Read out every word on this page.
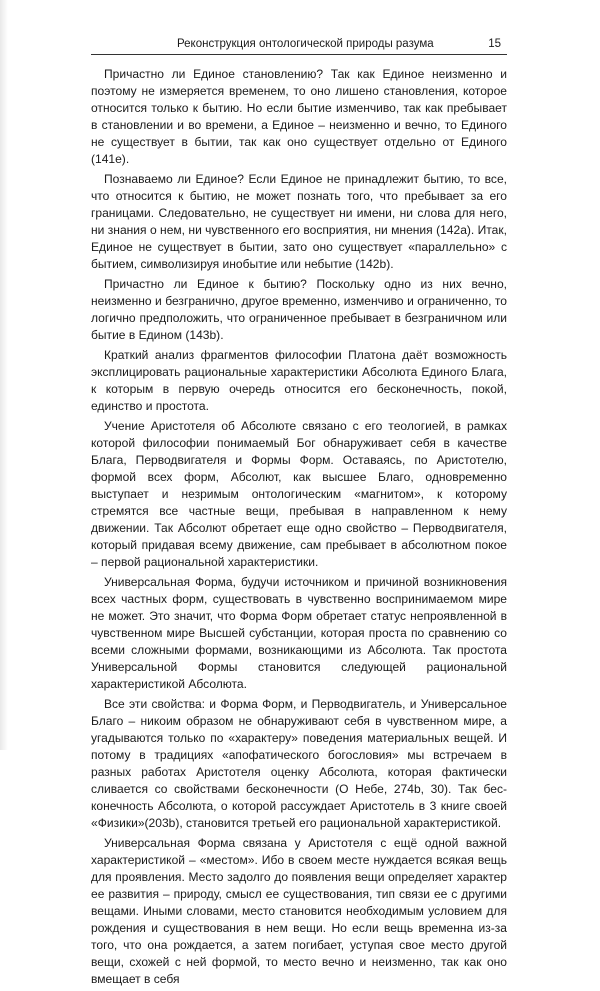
Реконструкция онтологической природы разума	15

Причастно ли Единое становлению? Так как Единое неизменно и поэтому не измеряется временем, то оно лишено становления, которое относится только к бытию. Но если бытие изменчиво, так как пребывает в становлении и во времени, а Единое – неизменно и вечно, то Единого не существует в бытии, так как оно существует отдельно от Единого (141e).

Познаваемо ли Единое? Если Единое не принадлежит бытию, то все, что относится к бытию, не может познать того, что пребывает за его границами. Следовательно, не существует ни имени, ни слова для него, ни знания о нем, ни чувственного его восприятия, ни мнения (142a). Итак, Единое не существует в бытии, зато оно существует «параллельно» с бытием, символизируя инобытие или небытие (142b).

Причастно ли Единое к бытию? Поскольку одно из них вечно, неизменно и безгранично, другое временно, изменчиво и ограниченно, то логично предположить, что ограниченное пребывает в безграничном или бытие в Едином (143b).

Краткий анализ фрагментов философии Платона даёт возможность эксплицировать рациональные характеристики Абсолюта Единого Блага, к которым в первую очередь относится его бесконечность, покой, единство и простота.

Учение Аристотеля об Абсолюте связано с его теологией, в рамках которой философии понимаемый Бог обнаруживает себя в качестве Блага, Перводвигателя и Формы Форм. Оставаясь, по Аристотелю, формой всех форм, Абсолют, как высшее Благо, одновременно выступает и незримым онтологическим «магнитом», к которому стремятся все частные вещи, пребывая в направленном к нему движении. Так Абсолют обретает еще одно свойство – Перводвигателя, который придавая всему движение, сам пребывает в абсолютном покое – первой рациональной характеристики.

Универсальная Форма, будучи источником и причиной возникновения всех частных форм, существовать в чувственно воспринимаемом мире не может. Это значит, что Форма Форм обретает статус непроявленной в чувственном мире Высшей субстанции, которая проста по сравнению со всеми сложными формами, возникающими из Абсолюта. Так простота Универсальной Формы становится следующей рациональной характеристикой Абсолюта.

Все эти свойства: и Форма Форм, и Перводвигатель, и Универсальное Благо – никоим образом не обнаруживают себя в чувственном мире, а угадываются только по «характеру» поведения материальных вещей. И потому в традициях «апофатического богословия» мы встречаем в разных работах Аристотеля оценку Абсолюта, которая фактически сливается со свойствами бесконечности (О Небе, 274b, 30). Так бесконечность Абсолюта, о которой рассуждает Аристотель в 3 книге своей «Физики»(203b), становится третьей его рациональной характеристикой.

Универсальная Форма связана у Аристотеля с ещё одной важной характеристикой – «местом». Ибо в своем месте нуждается всякая вещь для проявления. Место задолго до появления вещи определяет характер ее развития – природу, смысл ее существования, тип связи ее с другими вещами. Иными словами, место становится необходимым условием для рождения и существования в нем вещи. Но если вещь временна из-за того, что она рождается, а затем погибает, уступая свое место другой вещи, схожей с ней формой, то место вечно и неизменно, так как оно вмещает в себя
